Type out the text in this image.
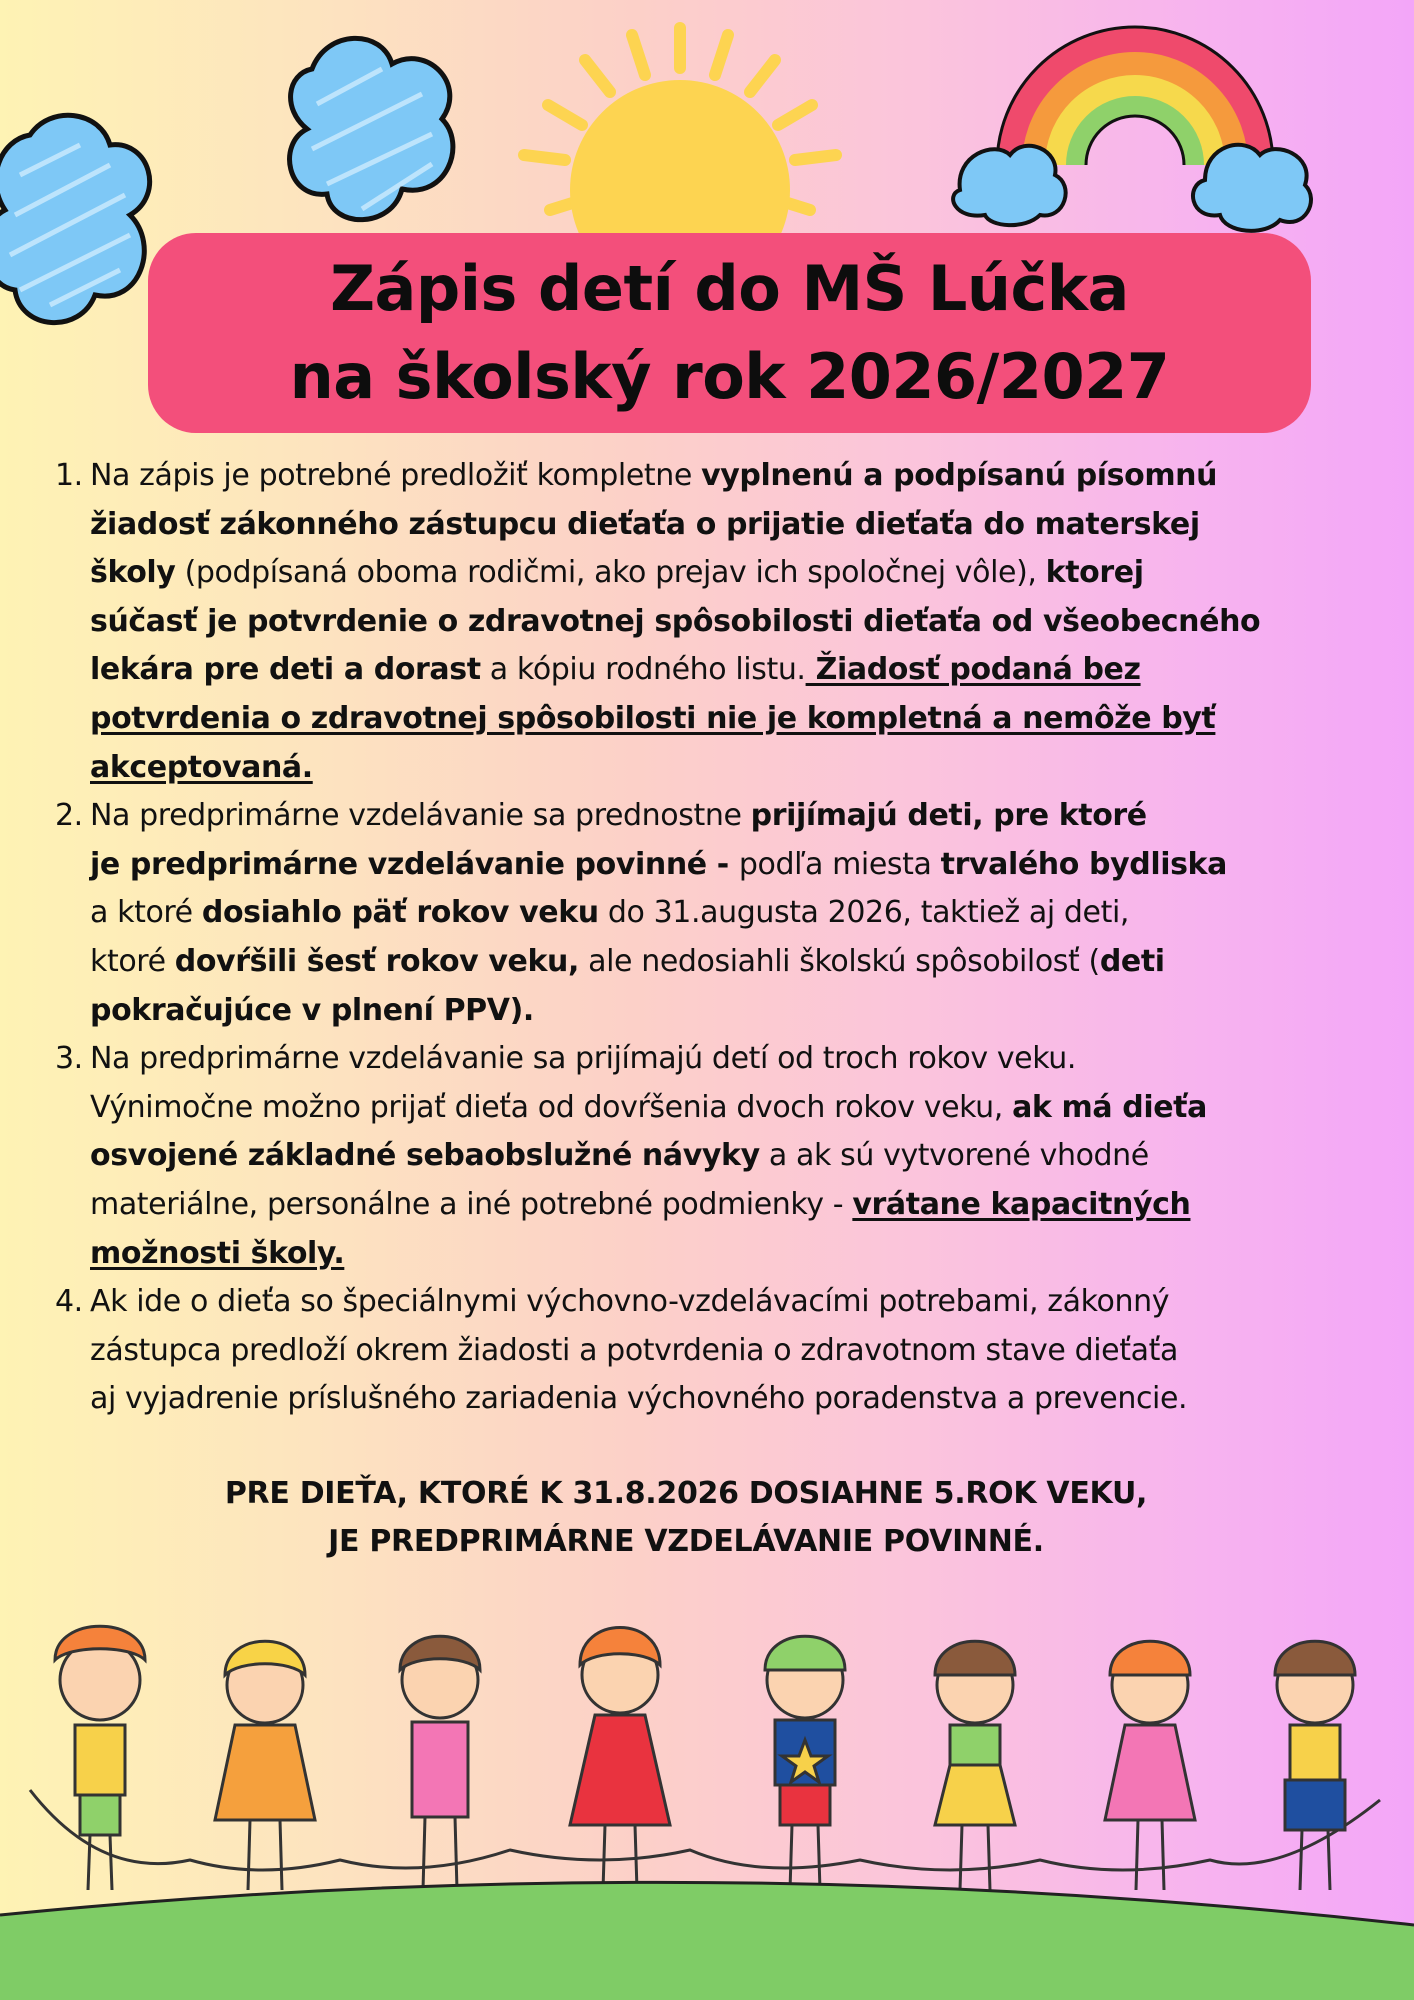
Zápis detí do MŠ Lúčka
na školský rok 2026/2027
1. Na zápis je potrebné predložiť kompletne vyplnenú a podpísanú písomnú
žiadosť zákonného zástupcu dieťaťa o prijatie dieťaťa do materskej
školy (podpísaná oboma rodičmi, ako prejav ich spoločnej vôle), ktorej
súčasť je potvrdenie o zdravotnej spôsobilosti dieťaťa od všeobecného
lekára pre deti a dorast a kópiu rodného listu. Žiadosť podaná bez
potvrdenia o zdravotnej spôsobilosti nie je kompletná a nemôže byť
akceptovaná.
2. Na predprimárne vzdelávanie sa prednostne prijímajú deti, pre ktoré
je predprimárne vzdelávanie povinné - podľa miesta trvalého bydliska
a ktoré dosiahlo päť rokov veku do 31.augusta 2026, taktiež aj deti,
ktoré dovŕšili šesť rokov veku, ale nedosiahli školskú spôsobilosť (deti
pokračujúce v plnení PPV).
3. Na predprimárne vzdelávanie sa prijímajú detí od troch rokov veku.
Výnimočne možno prijať dieťa od dovŕšenia dvoch rokov veku, ak má dieťa
osvojené základné sebaobslužné návyky a ak sú vytvorené vhodné
materiálne, personálne a iné potrebné podmienky - vrátane kapacitných
možnosti školy.
4. Ak ide o dieťa so špeciálnymi výchovno-vzdelávacími potrebami, zákonný
zástupca predloží okrem žiadosti a potvrdenia o zdravotnom stave dieťaťa
aj vyjadrenie príslušného zariadenia výchovného poradenstva a prevencie.
PRE DIEŤA, KTORÉ K 31.8.2026 DOSIAHNE 5.ROK VEKU,
JE PREDPRIMÁRNE VZDELÁVANIE POVINNÉ.
